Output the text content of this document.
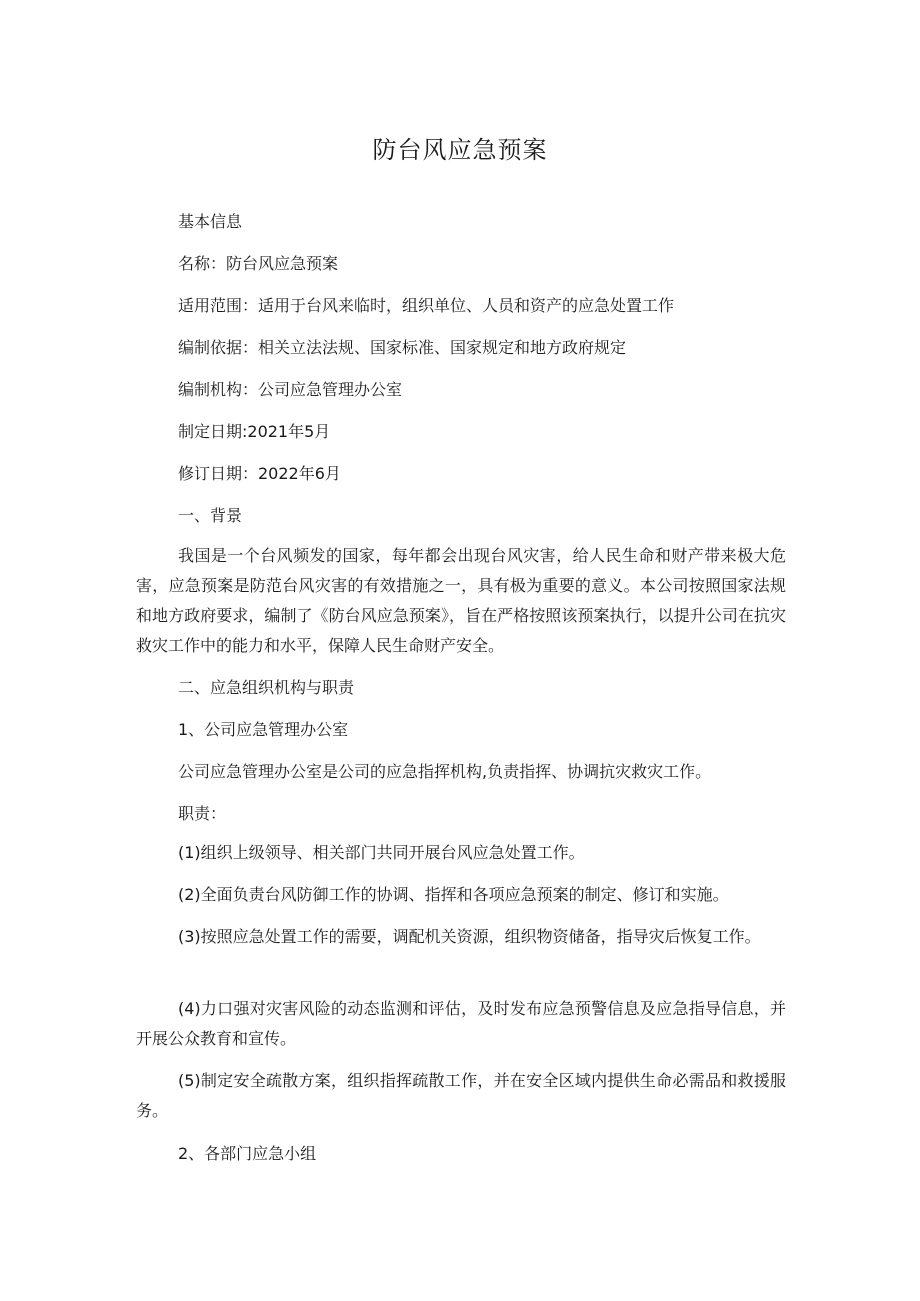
防台风应急预案
基本信息
名称：防台风应急预案
适用范围：适用于台风来临时，组织单位、人员和资产的应急处置工作
编制依据：相关立法法规、国家标准、国家规定和地方政府规定
编制机构：公司应急管理办公室
制定日期:2021年5月
修订日期：2022年6月
一、背景
我国是一个台风频发的国家，每年都会出现台风灾害，给人民生命和财产带来极大危害，应急预案是防范台风灾害的有效措施之一，具有极为重要的意义。本公司按照国家法规和地方政府要求，编制了《防台风应急预案》，旨在严格按照该预案执行，以提升公司在抗灾救灾工作中的能力和水平，保障人民生命财产安全。
二、应急组织机构与职责
1、公司应急管理办公室
公司应急管理办公室是公司的应急指挥机构,负责指挥、协调抗灾救灾工作。
职责：
(1)组织上级领导、相关部门共同开展台风应急处置工作。
(2)全面负责台风防御工作的协调、指挥和各项应急预案的制定、修订和实施。
(3)按照应急处置工作的需要，调配机关资源，组织物资储备，指导灾后恢复工作。
(4)力口强对灾害风险的动态监测和评估，及时发布应急预警信息及应急指导信息，并开展公众教育和宣传。
(5)制定安全疏散方案，组织指挥疏散工作，并在安全区域内提供生命必需品和救援服务。
2、各部门应急小组
